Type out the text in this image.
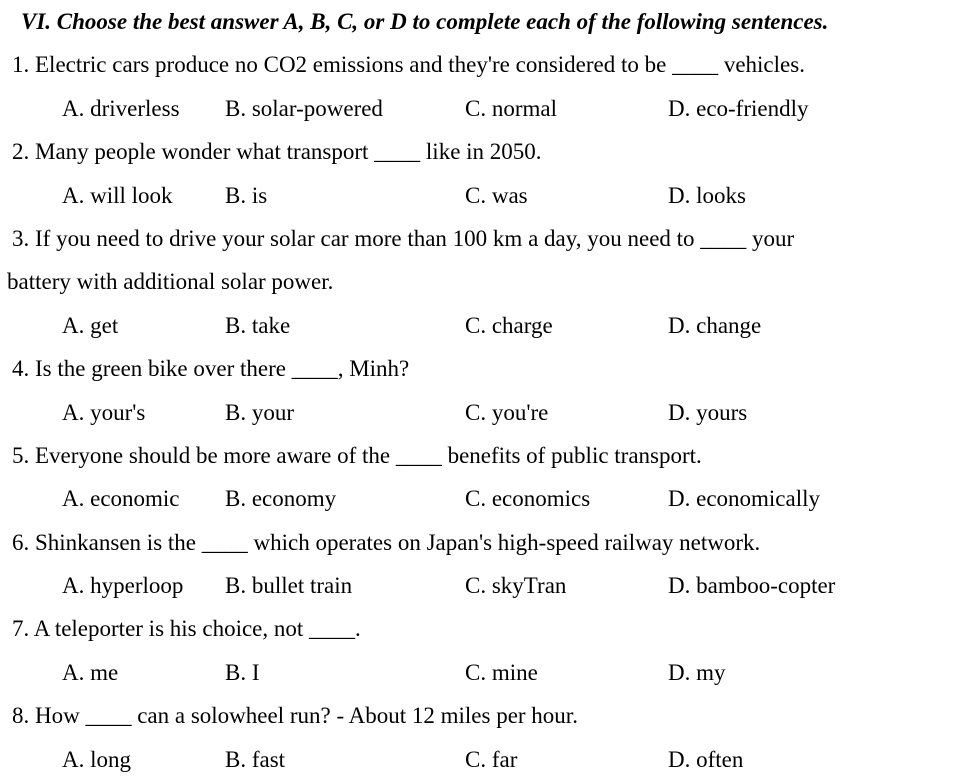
VI. Choose the best answer A, B, C, or D to complete each of the following sentences.
1. Electric cars produce no CO2 emissions and they're considered to be ____ vehicles.
A. driverless	B. solar-powered	C. normal	D. eco-friendly
2. Many people wonder what transport ____ like in 2050.
A. will look	B. is	C. was	D. looks
3. If you need to drive your solar car more than 100 km a day, you need to ____ your
battery with additional solar power.
A. get	B. take	C. charge	D. change
4. Is the green bike over there ____, Minh?
A. your's	B. your	C. you're	D. yours
5. Everyone should be more aware of the ____ benefits of public transport.
A. economic	B. economy	C. economics	D. economically
6. Shinkansen is the ____ which operates on Japan's high-speed railway network.
A. hyperloop	B. bullet train	C. skyTran	D. bamboo-copter
7. A teleporter is his choice, not ____.
A. me	B. I	C. mine	D. my
8. How ____ can a solowheel run? - About 12 miles per hour.
A. long	B. fast	C. far	D. often
